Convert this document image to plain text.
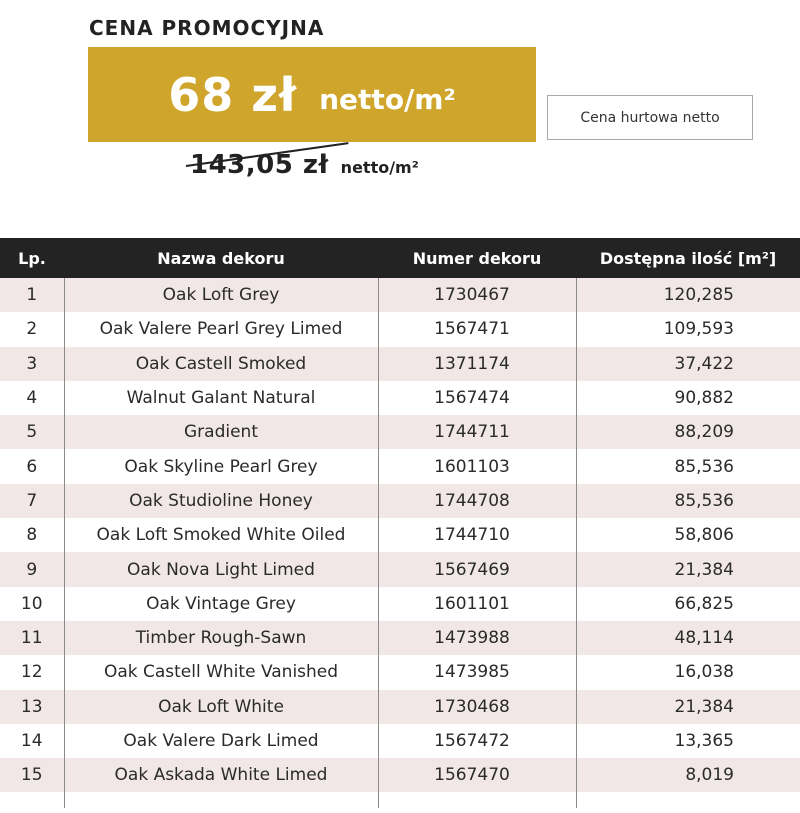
CENA PROMOCYJNA
68 zł netto/m²
143,05 zł netto/m²
Cena hurtowa netto
Lp.	Nazwa dekoru	Numer dekoru	Dostępna ilość [m²]
1	Oak Loft Grey	1730467	120,285
2	Oak Valere Pearl Grey Limed	1567471	109,593
3	Oak Castell Smoked	1371174	37,422
4	Walnut Galant Natural	1567474	90,882
5	Gradient	1744711	88,209
6	Oak Skyline Pearl Grey	1601103	85,536
7	Oak Studioline Honey	1744708	85,536
8	Oak Loft Smoked White Oiled	1744710	58,806
9	Oak Nova Light Limed	1567469	21,384
10	Oak Vintage Grey	1601101	66,825
11	Timber Rough-Sawn	1473988	48,114
12	Oak Castell White Vanished	1473985	16,038
13	Oak Loft White	1730468	21,384
14	Oak Valere Dark Limed	1567472	13,365
15	Oak Askada White Limed	1567470	8,019
